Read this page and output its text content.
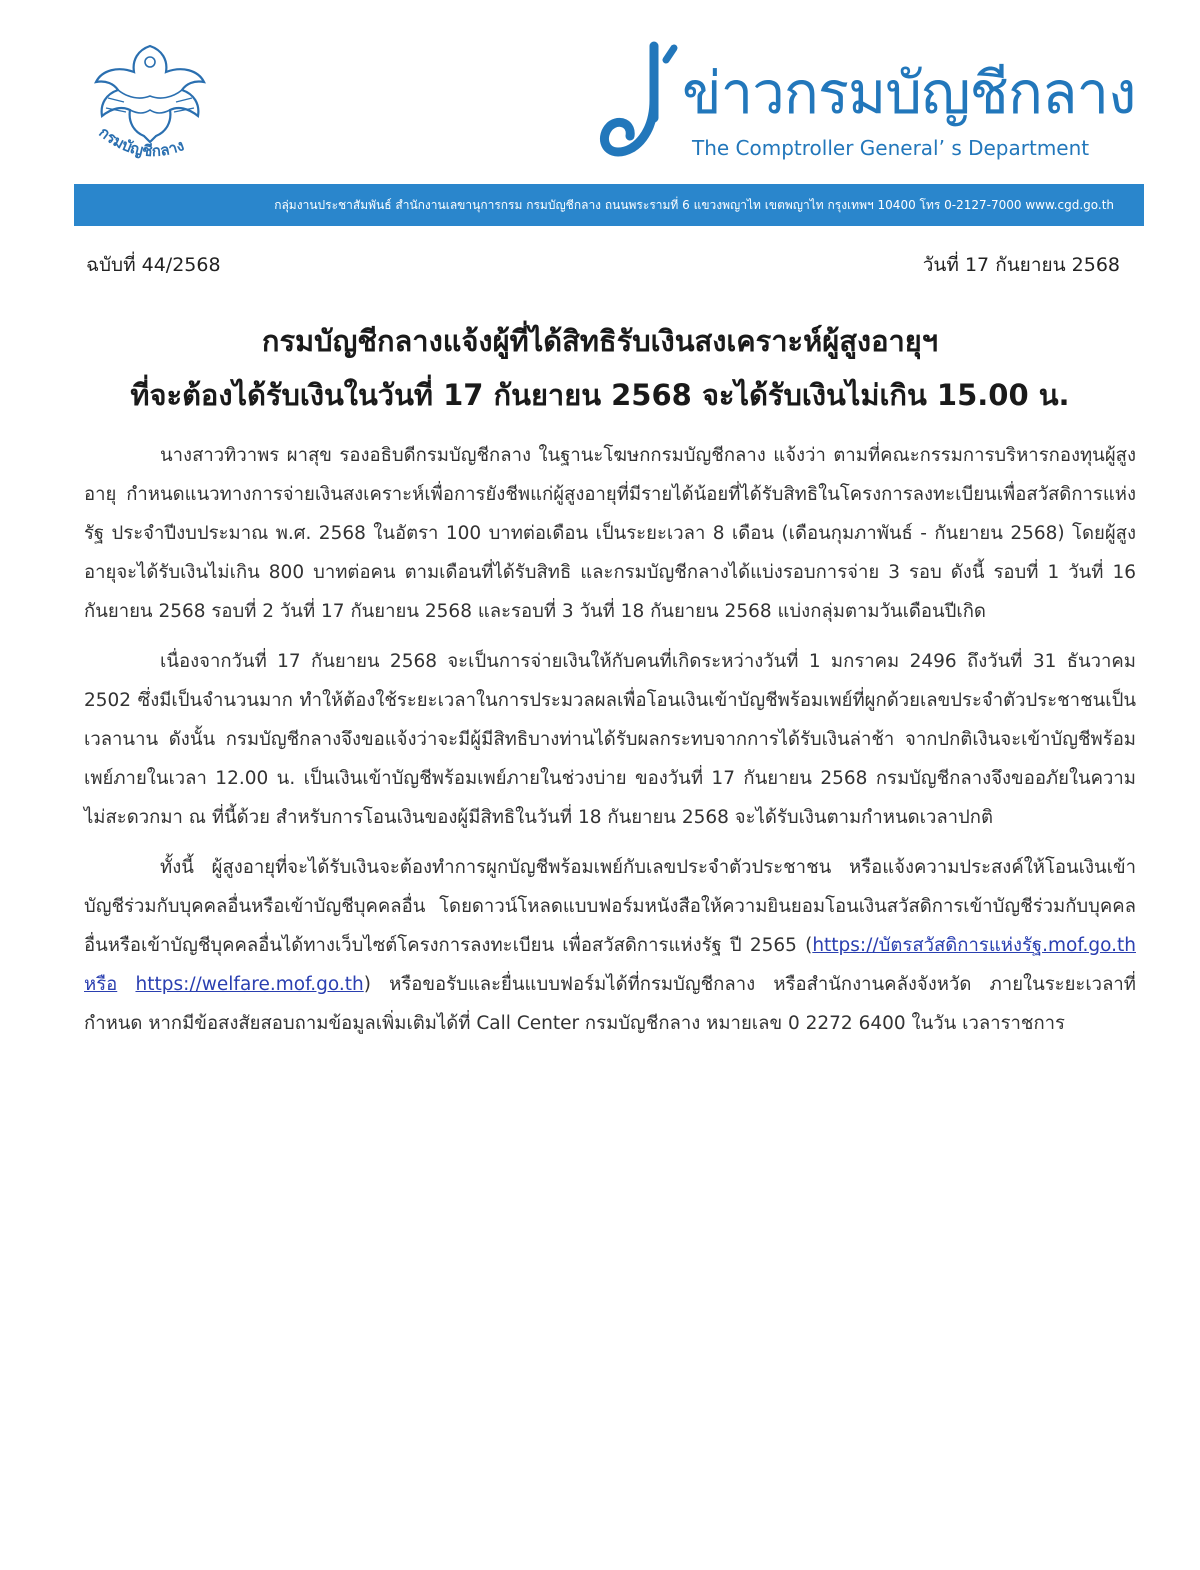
กรมบัญชีกลาง
ข่าวกรมบัญชีกลาง
The Comptroller General’ s Department
กลุ่มงานประชาสัมพันธ์ สำนักงานเลขานุการกรม กรมบัญชีกลาง ถนนพระรามที่ 6 แขวงพญาไท เขตพญาไท กรุงเทพฯ 10400 โทร 0-2127-7000 www.cgd.go.th
ฉบับที่ 44/2568	วันที่ 17 กันยายน 2568
กรมบัญชีกลางแจ้งผู้ที่ได้สิทธิรับเงินสงเคราะห์ผู้สูงอายุฯ
ที่จะต้องได้รับเงินในวันที่ 17 กันยายน 2568 จะได้รับเงินไม่เกิน 15.00 น.

นางสาวทิวาพร ผาสุข รองอธิบดีกรมบัญชีกลาง ในฐานะโฆษกกรมบัญชีกลาง แจ้งว่า ตามที่คณะกรรมการบริหารกองทุนผู้สูงอายุ กำหนดแนวทางการจ่ายเงินสงเคราะห์เพื่อการยังชีพแก่ผู้สูงอายุที่มีรายได้น้อยที่ได้รับสิทธิในโครงการลงทะเบียนเพื่อสวัสดิการแห่งรัฐ ประจำปีงบประมาณ พ.ศ. 2568 ในอัตรา 100 บาทต่อเดือน เป็นระยะเวลา 8 เดือน (เดือนกุมภาพันธ์ - กันยายน 2568) โดยผู้สูงอายุจะได้รับเงินไม่เกิน 800 บาทต่อคน ตามเดือนที่ได้รับสิทธิ และกรมบัญชีกลางได้แบ่งรอบการจ่าย 3 รอบ ดังนี้ รอบที่ 1 วันที่ 16 กันยายน 2568 รอบที่ 2 วันที่ 17 กันยายน 2568 และรอบที่ 3 วันที่ 18 กันยายน 2568 แบ่งกลุ่มตามวันเดือนปีเกิด

เนื่องจากวันที่ 17 กันยายน 2568 จะเป็นการจ่ายเงินให้กับคนที่เกิดระหว่างวันที่ 1 มกราคม 2496 ถึงวันที่ 31 ธันวาคม 2502 ซึ่งมีเป็นจำนวนมาก ทำให้ต้องใช้ระยะเวลาในการประมวลผลเพื่อโอนเงินเข้าบัญชีพร้อมเพย์ที่ผูกด้วยเลขประจำตัวประชาชนเป็นเวลานาน ดังนั้น กรมบัญชีกลางจึงขอแจ้งว่าจะมีผู้มีสิทธิบางท่านได้รับผลกระทบจากการได้รับเงินล่าช้า จากปกติเงินจะเข้าบัญชีพร้อมเพย์ภายในเวลา 12.00 น. เป็นเงินเข้าบัญชีพร้อมเพย์ภายในช่วงบ่าย ของวันที่ 17 กันยายน 2568 กรมบัญชีกลางจึงขออภัยในความไม่สะดวกมา ณ ที่นี้ด้วย สำหรับการโอนเงินของผู้มีสิทธิในวันที่ 18 กันยายน 2568 จะได้รับเงินตามกำหนดเวลาปกติ

ทั้งนี้ ผู้สูงอายุที่จะได้รับเงินจะต้องทำการผูกบัญชีพร้อมเพย์กับเลขประจำตัวประชาชน หรือแจ้งความประสงค์ให้โอนเงินเข้าบัญชีร่วมกับบุคคลอื่นหรือเข้าบัญชีบุคคลอื่น โดยดาวน์โหลดแบบฟอร์มหนังสือให้ความยินยอมโอนเงินสวัสดิการเข้าบัญชีร่วมกับบุคคลอื่นหรือเข้าบัญชีบุคคลอื่นได้ทางเว็บไซต์โครงการลงทะเบียน เพื่อสวัสดิการแห่งรัฐ ปี 2565 (https://บัตรสวัสดิการแห่งรัฐ.mof.go.th หรือ https://welfare.mof.go.th) หรือขอรับและยื่นแบบฟอร์มได้ที่กรมบัญชีกลาง หรือสำนักงานคลังจังหวัด ภายในระยะเวลาที่กำหนด หากมีข้อสงสัยสอบถามข้อมูลเพิ่มเติมได้ที่ Call Center กรมบัญชีกลาง หมายเลข 0 2272 6400 ในวัน เวลาราชการ
